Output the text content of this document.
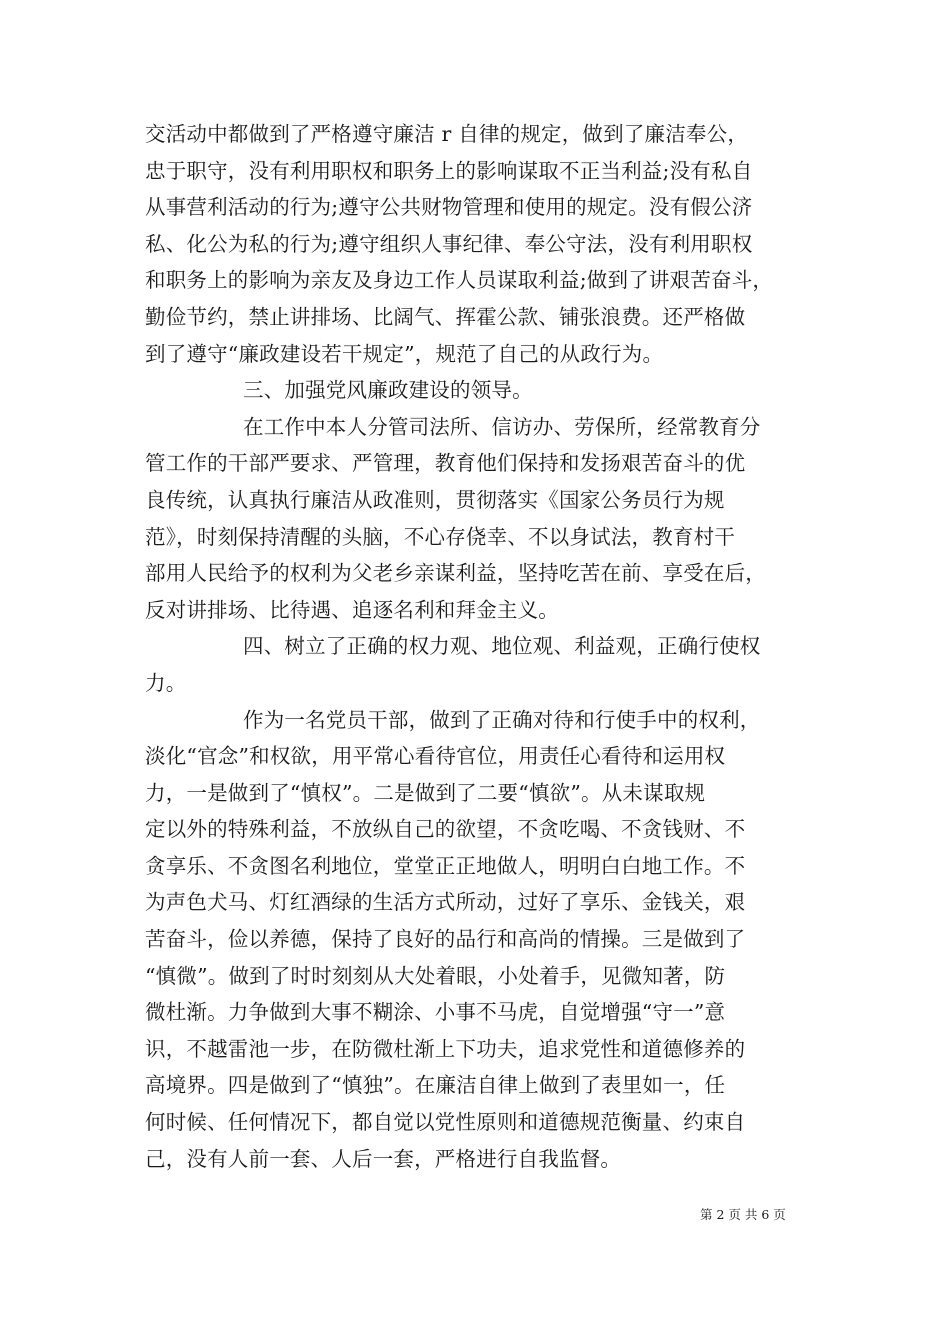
交活动中都做到了严格遵守廉洁 r 自律的规定，做到了廉洁奉公，
忠于职守，没有利用职权和职务上的影响谋取不正当利益;没有私自
从事营利活动的行为;遵守公共财物管理和使用的规定。没有假公济
私、化公为私的行为;遵守组织人事纪律、奉公守法，没有利用职权
和职务上的影响为亲友及身边工作人员谋取利益;做到了讲艰苦奋斗，
勤俭节约，禁止讲排场、比阔气、挥霍公款、铺张浪费。还严格做
到了遵守“廉政建设若干规定”，规范了自己的从政行为。
三、加强党风廉政建设的领导。
在工作中本人分管司法所、信访办、劳保所，经常教育分
管工作的干部严要求、严管理，教育他们保持和发扬艰苦奋斗的优
良传统，认真执行廉洁从政准则，贯彻落实《国家公务员行为规
范》，时刻保持清醒的头脑，不心存侥幸、不以身试法，教育村干
部用人民给予的权利为父老乡亲谋利益，坚持吃苦在前、享受在后，
反对讲排场、比待遇、追逐名利和拜金主义。
四、树立了正确的权力观、地位观、利益观，正确行使权
力。
作为一名党员干部，做到了正确对待和行使手中的权利，
淡化“官念”和权欲，用平常心看待官位，用责任心看待和运用权
力，一是做到了“慎权”。二是做到了二要“慎欲”。从未谋取规
定以外的特殊利益，不放纵自己的欲望，不贪吃喝、不贪钱财、不
贪享乐、不贪图名利地位，堂堂正正地做人，明明白白地工作。不
为声色犬马、灯红酒绿的生活方式所动，过好了享乐、金钱关，艰
苦奋斗，俭以养德，保持了良好的品行和高尚的情操。三是做到了
“慎微”。做到了时时刻刻从大处着眼，小处着手，见微知著，防
微杜渐。力争做到大事不糊涂、小事不马虎，自觉增强“守一”意
识，不越雷池一步，在防微杜渐上下功夫，追求党性和道德修养的
高境界。四是做到了“慎独”。在廉洁自律上做到了表里如一，任
何时候、任何情况下，都自觉以党性原则和道德规范衡量、约束自
己，没有人前一套、人后一套，严格进行自我监督。
第 2 页 共 6 页
